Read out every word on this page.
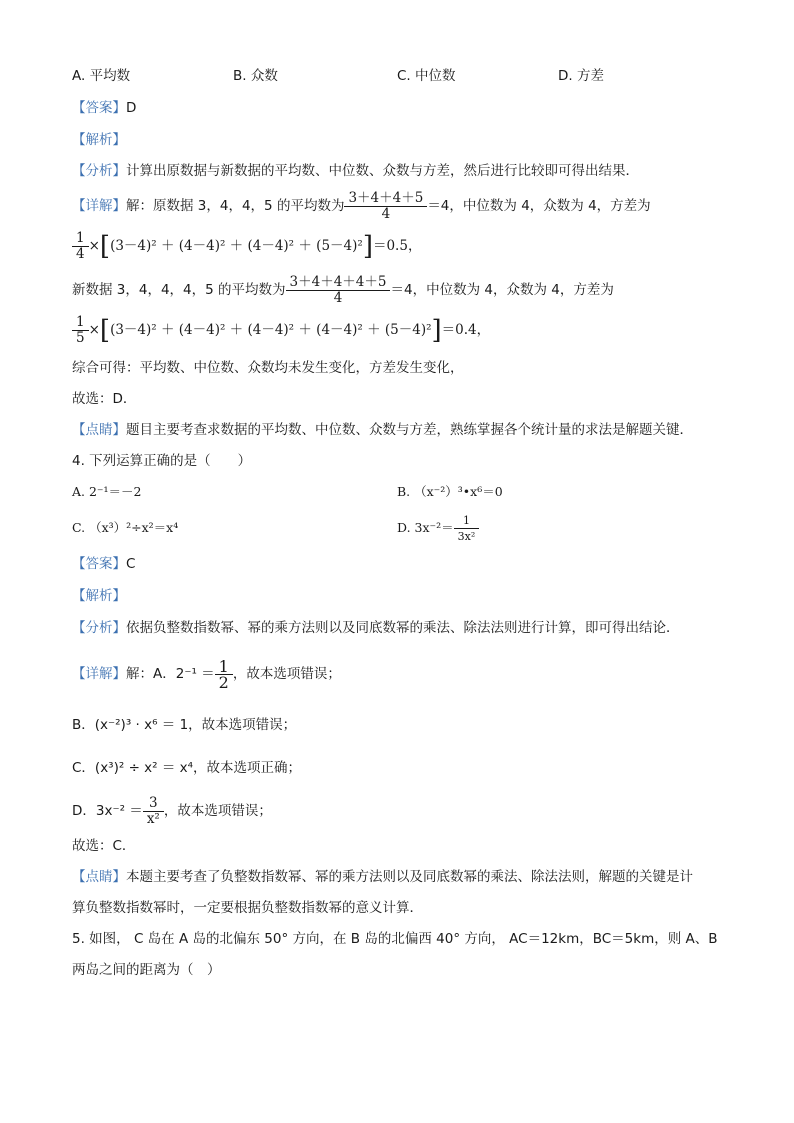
A. 平均数	B. 众数	C. 中位数	D. 方差
【答案】D
【解析】
【分析】计算出原数据与新数据的平均数、中位数、众数与方差，然后进行比较即可得出结果．
【详解】解：原数据 3，4，4，5 的平均数为 $\frac{3+4+4+5}{4} =4$，中位数为 4，众数为 4，方差为
$\frac{1}{4} \times[(3-4)^2 + (4-4)^2 + (4-4)^2 + (5-4)^2]=0.5$，
新数据 3，4，4，4，5 的平均数为 $\frac{3+4+4+4+5}{4} =4$，中位数为 4，众数为 4，方差为
$\frac{1}{5} \times[(3-4)^2 + (4-4)^2 + (4-4)^2 + (4-4)^2 + (5-4)^2]=0.4$，
综合可得：平均数、中位数、众数均未发生变化，方差发生变化，
故选：D．
【点睛】题目主要考查求数据的平均数、中位数、众数与方差，熟练掌握各个统计量的求法是解题关键．
4. 下列运算正确的是（　　）
A. 2⁻¹＝－2	B. （x⁻²）³•x⁶＝0
C. （x³）²÷x²＝x⁴	D. $3x^{-2}= \frac{1}{\text{3x²}}$
【答案】C
【解析】
【分析】依据负整数指数幂、幂的乘方法则以及同底数幂的乘法、除法法则进行计算，即可得出结论．
【详解】解：A．$2^{-1} = \frac{1}{2}$ ，故本选项错误；
B．(x⁻²)³ · x⁶ ＝ 1，故本选项错误；
C．(x³)² ÷ x² ＝ x⁴，故本选项正确；
D．$3x^{-2} = \frac{3}{\text{x²}}$ ，故本选项错误；
故选：C．
【点睛】本题主要考查了负整数指数幂、幂的乘方法则以及同底数幂的乘法、除法法则，解题的关键是计
算负整数指数幂时，一定要根据负整数指数幂的意义计算．
5. 如图， C 岛在 A 岛的北偏东 50° 方向，在 B 岛的北偏西 40° 方向， AC＝12km，BC＝5km，则 A、B
两岛之间的距离为（　）
